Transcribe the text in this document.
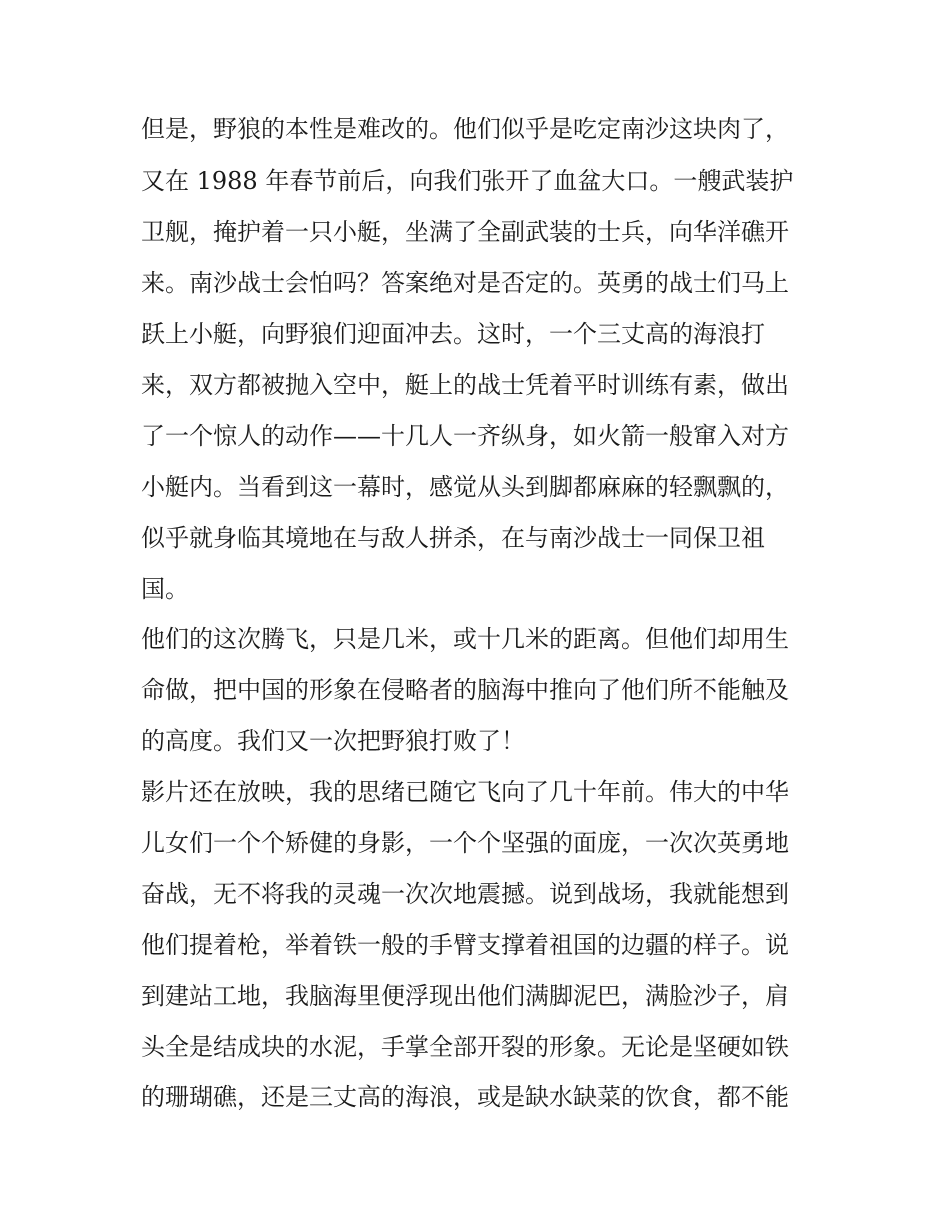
但是，野狼的本性是难改的。他们似乎是吃定南沙这块肉了，
又在 1988 年春节前后，向我们张开了血盆大口。一艘武装护
卫舰，掩护着一只小艇，坐满了全副武装的士兵，向华洋礁开
来。南沙战士会怕吗？答案绝对是否定的。英勇的战士们马上
跃上小艇，向野狼们迎面冲去。这时，一个三丈高的海浪打
来，双方都被抛入空中，艇上的战士凭着平时训练有素，做出
了一个惊人的动作——十几人一齐纵身，如火箭一般窜入对方
小艇内。当看到这一幕时，感觉从头到脚都麻麻的轻飘飘的，
似乎就身临其境地在与敌人拼杀，在与南沙战士一同保卫祖
国。
他们的这次腾飞，只是几米，或十几米的距离。但他们却用生
命做，把中国的形象在侵略者的脑海中推向了他们所不能触及
的高度。我们又一次把野狼打败了！
影片还在放映，我的思绪已随它飞向了几十年前。伟大的中华
儿女们一个个矫健的身影，一个个坚强的面庞，一次次英勇地
奋战，无不将我的灵魂一次次地震撼。说到战场，我就能想到
他们提着枪，举着铁一般的手臂支撑着祖国的边疆的样子。说
到建站工地，我脑海里便浮现出他们满脚泥巴，满脸沙子，肩
头全是结成块的水泥，手掌全部开裂的形象。无论是坚硬如铁
的珊瑚礁，还是三丈高的海浪，或是缺水缺菜的饮食，都不能
